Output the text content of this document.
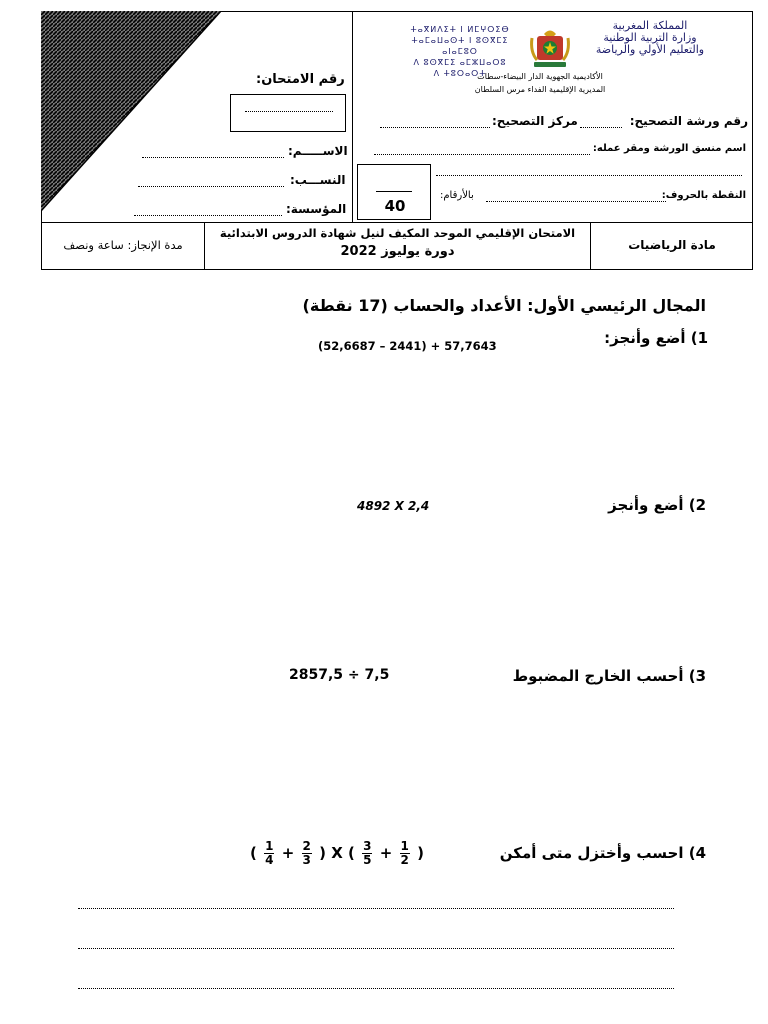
ⵜⴰⴳⵍⴷⵉⵜ ⵏ ⵍⵎⵖⵔⵉⴱ
ⵜⴰⵎⴰⵡⴰⵙⵜ ⵏ ⵓⵙⴳⵎⵉ ⴰⵏⴰⵎⵓⵔ
ⴷ ⵓⵙⴳⵎⵉ ⴰⵎⵣⵡⴰⵔⵓ ⴷ ⵜⵓⵔⴰⵔⵜ
المملكة المغربية
وزارة التربية الوطنية
والتعليم الأولي والرياضة
الأكاديمية الجهوية الدار البيضاء-سطات
المديرية الإقليمية الفداء مرس السلطان
رقم ورشة التصحيح:
مركز التصحيح:
اسم منسق الورشة ومقر عمله:
النقطة بالحروف:
بالأرقام:
40
رقم الامتحان:
الاســـــم:
النســـب:
المؤسسة:
مادة الرياضيات
الامتحان الإقليمي الموحد المكيف لنيل شهادة الدروس الابتدائية
دورة يوليوز 2022
مدة الإنجاز: ساعة ونصف
المجال الرئيسي الأول: الأعداد والحساب (17 نقطة)
1) أضع وأنجز:
3467,75 + (1442 – 7866,25)
2) أضع وأنجز
4892 X 2,4
3) أحسب الخارج المضبوط
2857,5 ÷ 7,5
4) احسب وأختزل متى أمكن
( $\frac{1}{4} + \frac{2}{3}$ ) X ( $\frac{3}{5} + \frac{1}{2}$ )
